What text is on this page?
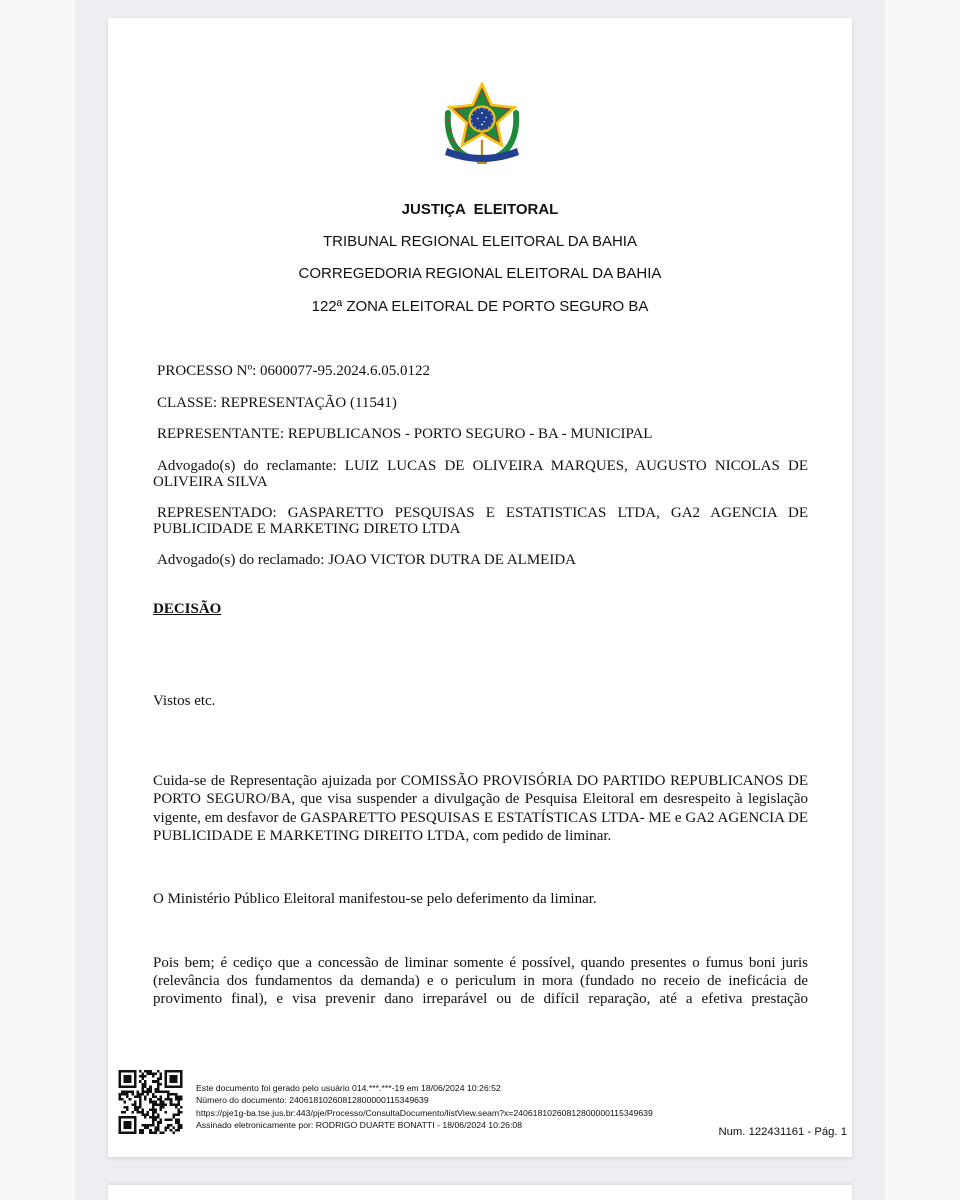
JUSTIÇA  ELEITORAL
TRIBUNAL REGIONAL ELEITORAL DA BAHIA
CORREGEDORIA REGIONAL ELEITORAL DA BAHIA
122ª ZONA ELEITORAL DE PORTO SEGURO BA
PROCESSO Nº: 0600077-95.2024.6.05.0122
CLASSE: REPRESENTAÇÃO (11541)
REPRESENTANTE: REPUBLICANOS - PORTO SEGURO - BA - MUNICIPAL
Advogado(s) do reclamante: LUIZ LUCAS DE OLIVEIRA MARQUES, AUGUSTO NICOLAS DE OLIVEIRA SILVA
REPRESENTADO: GASPARETTO PESQUISAS E ESTATISTICAS LTDA, GA2 AGENCIA DE PUBLICIDADE E MARKETING DIRETO LTDA
Advogado(s) do reclamado: JOAO VICTOR DUTRA DE ALMEIDA
DECISÃO
Vistos etc.
Cuida-se de Representação ajuizada por COMISSÃO PROVISÓRIA DO PARTIDO REPUBLICANOS DE PORTO SEGURO/BA, que visa suspender a divulgação de Pesquisa Eleitoral em desrespeito à legislação vigente, em desfavor de GASPARETTO PESQUISAS E ESTATÍSTICAS LTDA- ME e GA2 AGENCIA DE PUBLICIDADE E MARKETING DIREITO LTDA, com pedido de liminar.
O Ministério Público Eleitoral manifestou-se pelo deferimento da liminar.
Pois bem; é cediço que a concessão de liminar somente é possível, quando presentes o fumus boni juris (relevância dos fundamentos da demanda) e o periculum in mora (fundado no receio de ineficácia de provimento final), e visa prevenir dano irreparável ou de difícil reparação, até a efetiva prestação
Este documento foi gerado pelo usuário 014.***.***-19 em 18/06/2024 10:26:52
Número do documento: 24061810260812800000115349639
https://pje1g-ba.tse.jus.br:443/pje/Processo/ConsultaDocumento/listView.seam?x=24061810260812800000115349639
Assinado eletronicamente por: RODRIGO DUARTE BONATTI - 18/06/2024 10:26:08
Num. 122431161 - Pág. 1
